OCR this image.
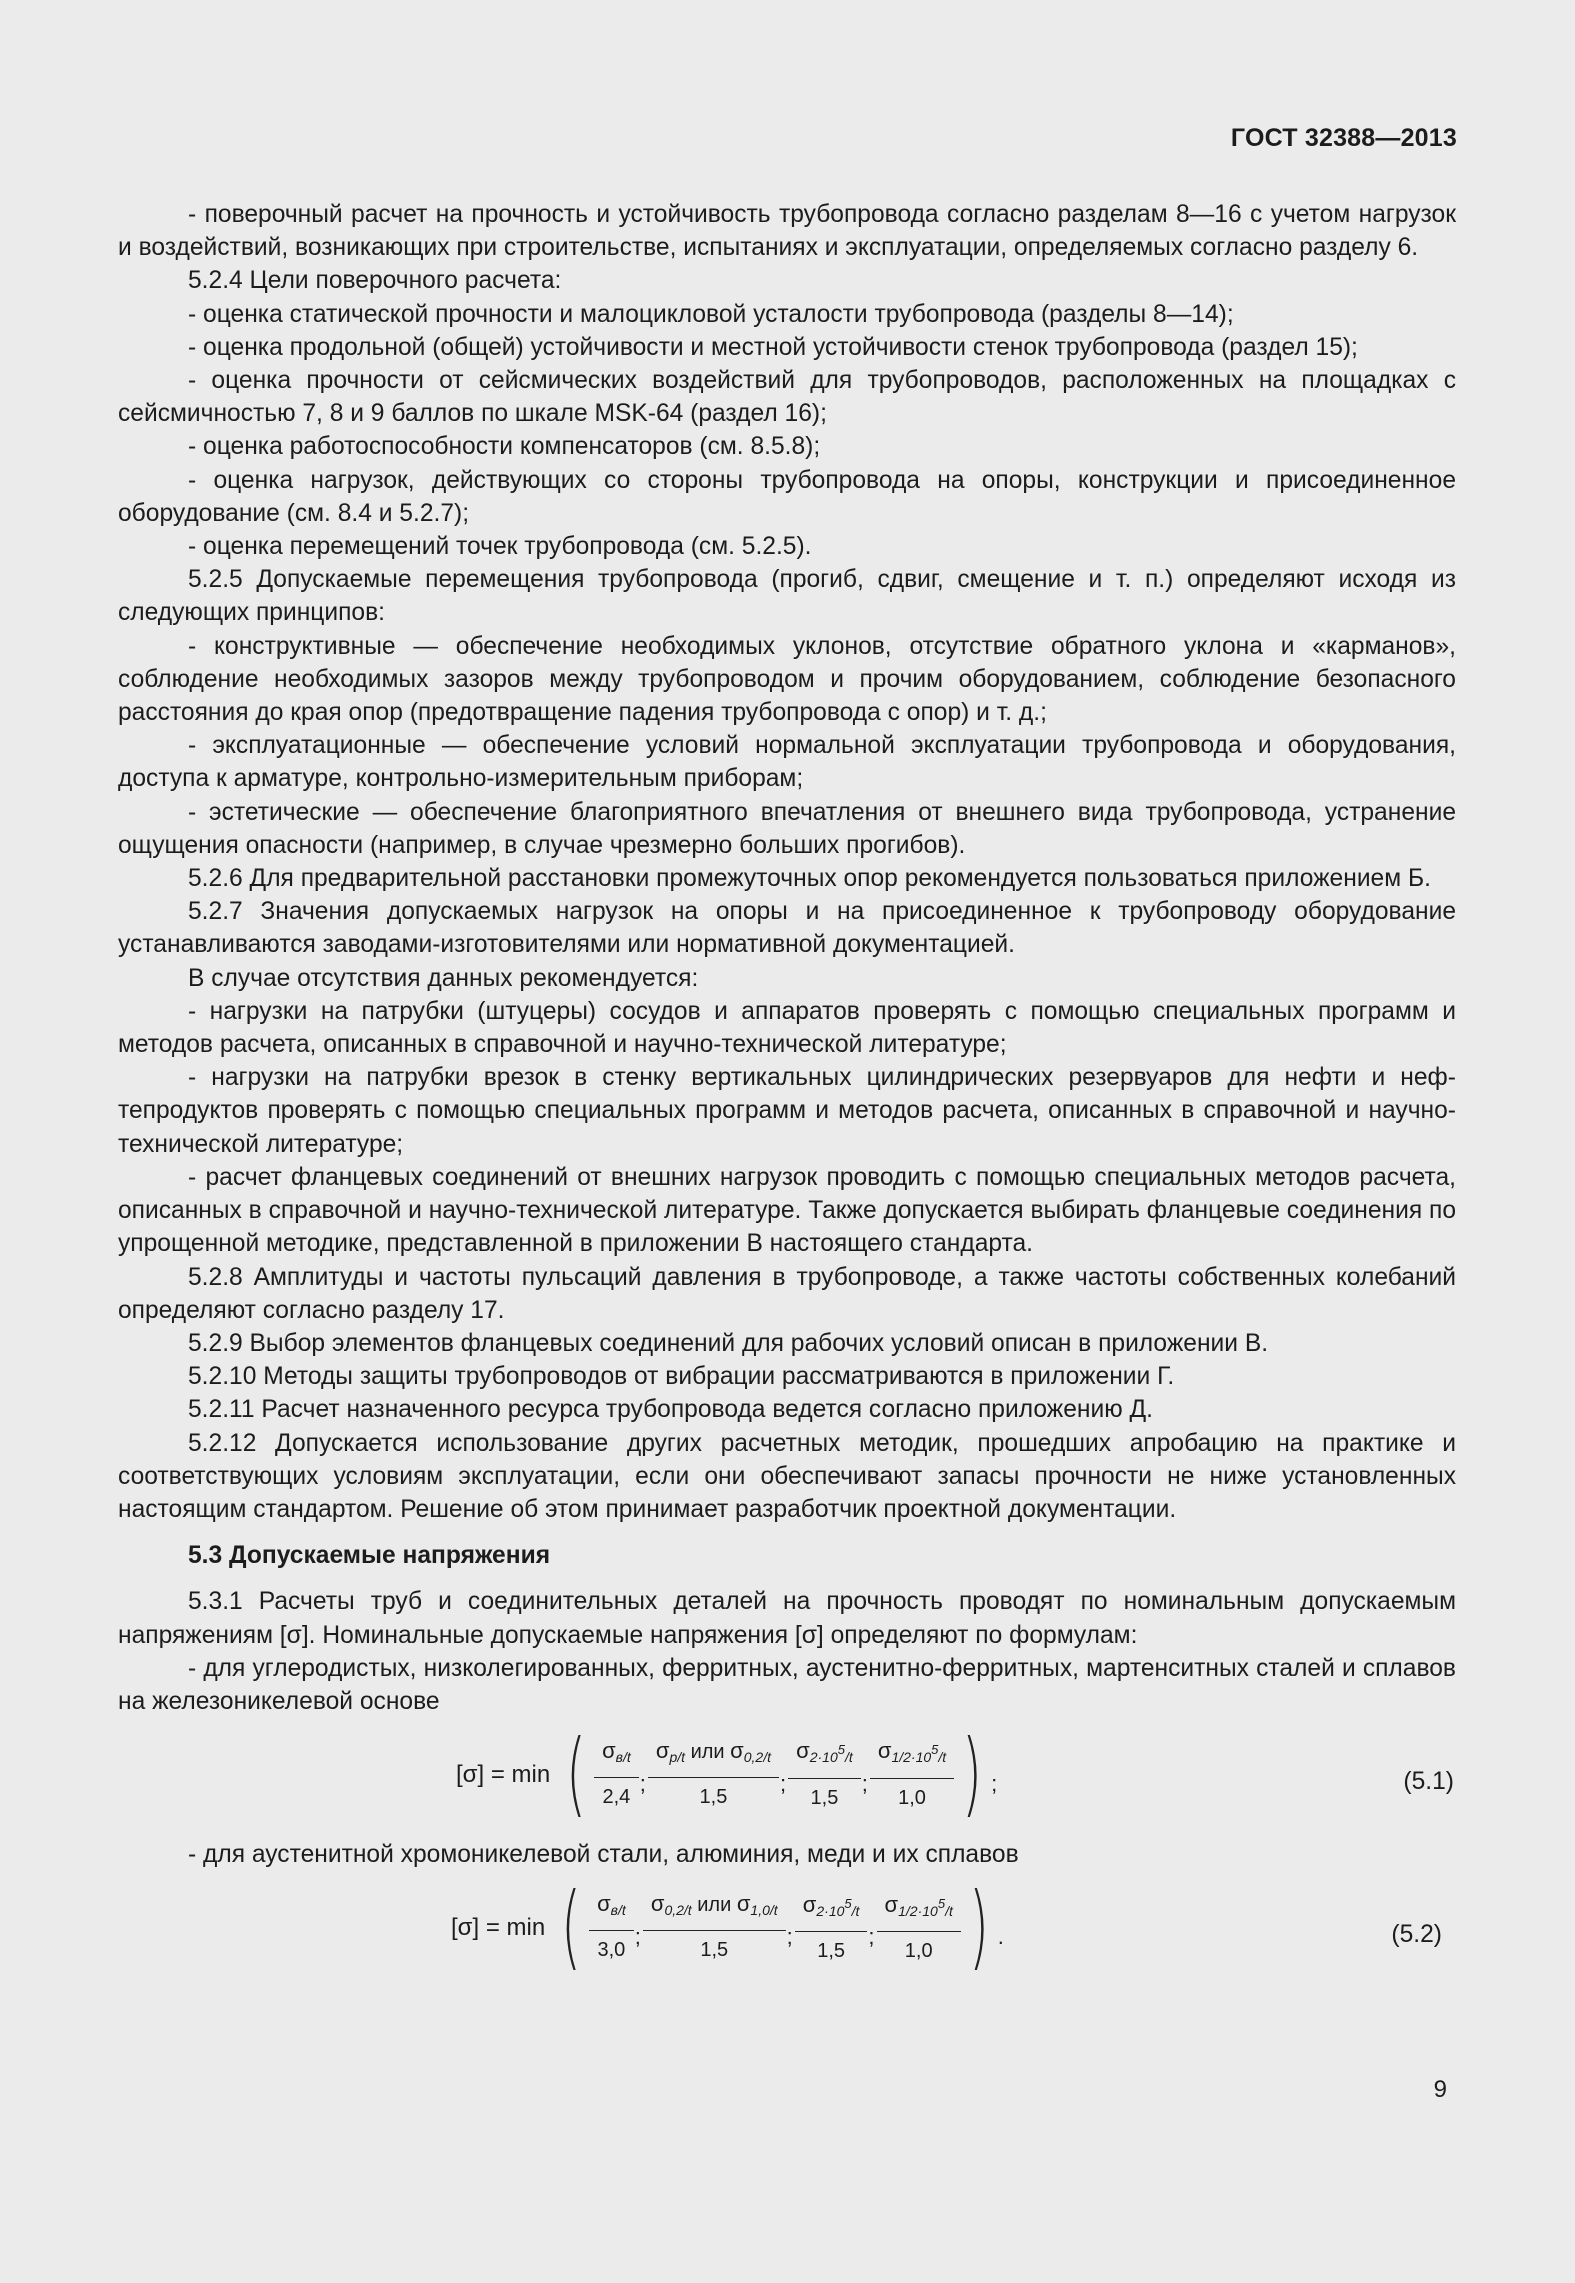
ГОСТ 32388—2013

- поверочный расчет на прочность и устойчивость трубопровода согласно разделам 8—16 с учетом нагрузок и воздействий, возникающих при строительстве, испытаниях и эксплуатации, определяемых согласно разделу 6.

5.2.4 Цели поверочного расчета:

- оценка статической прочности и малоцикловой усталости трубопровода (разделы 8—14);

- оценка продольной (общей) устойчивости и местной устойчивости стенок трубопровода (раздел 15);

- оценка прочности от сейсмических воздействий для трубопроводов, расположенных на площадках с сейсмичностью 7, 8 и 9 баллов по шкале MSK-64 (раздел 16);

- оценка работоспособности компенсаторов (см. 8.5.8);

- оценка нагрузок, действующих со стороны трубопровода на опоры, конструкции и присоединенное оборудование (см. 8.4 и 5.2.7);

- оценка перемещений точек трубопровода (см. 5.2.5).

5.2.5 Допускаемые перемещения трубопровода (прогиб, сдвиг, смещение и т. п.) определяют исходя из следующих принципов:

- конструктивные — обеспечение необходимых уклонов, отсутствие обратного уклона и «карманов», соблюдение необходимых зазоров между трубопроводом и прочим оборудованием, соблюдение безопасного расстояния до края опор (предотвращение падения трубопровода с опор) и т. д.;

- эксплуатационные — обеспечение условий нормальной эксплуатации трубопровода и оборудования, доступа к арматуре, контрольно-измерительным приборам;

- эстетические — обеспечение благоприятного впечатления от внешнего вида трубопровода, устранение ощущения опасности (например, в случае чрезмерно больших прогибов).

5.2.6 Для предварительной расстановки промежуточных опор рекомендуется пользоваться приложением Б.

5.2.7 Значения допускаемых нагрузок на опоры и на присоединенное к трубопроводу оборудование устанавливаются заводами-изготовителями или нормативной документацией.

В случае отсутствия данных рекомендуется:

- нагрузки на патрубки (штуцеры) сосудов и аппаратов проверять с помощью специальных программ и методов расчета, описанных в справочной и научно-технической литературе;

- нагрузки на патрубки врезок в стенку вертикальных цилиндрических резервуаров для нефти и нефтепродуктов проверять с помощью специальных программ и методов расчета, описанных в справочной и научно-технической литературе;

- расчет фланцевых соединений от внешних нагрузок проводить с помощью специальных методов расчета, описанных в справочной и научно-технической литературе. Также допускается выбирать фланцевые соединения по упрощенной методике, представленной в приложении В настоящего стандарта.

5.2.8 Амплитуды и частоты пульсаций давления в трубопроводе, а также частоты собственных колебаний определяют согласно разделу 17.

5.2.9 Выбор элементов фланцевых соединений для рабочих условий описан в приложении В.

5.2.10 Методы защиты трубопроводов от вибрации рассматриваются в приложении Г.

5.2.11 Расчет назначенного ресурса трубопровода ведется согласно приложению Д.

5.2.12 Допускается использование других расчетных методик, прошедших апробацию на практике и соответствующих условиям эксплуатации, если они обеспечивают запасы прочности не ниже установленных настоящим стандартом. Решение об этом принимает разработчик проектной документации.

5.3 Допускаемые напряжения

5.3.1 Расчеты труб и соединительных деталей на прочность проводят по номинальным допускаемым напряжениям [σ]. Номинальные допускаемые напряжения [σ] определяют по формулам:

- для углеродистых, низколегированных, ферритных, аустенитно-ферритных, мартенситных сталей и сплавов на железоникелевой основе

[σ] = min ( $\frac{\sigma_{в/t}}{2,4}$ ; $\frac{\sigma_{p/t} или \sigma_{0,2/t}}{1,5}$ ; $\frac{\sigma_{2\cdot 10^5/t}}{1,5}$ ; $\frac{\sigma_{1/2\cdot 10^5/t}}{1,0}$ ) ;	(5.1)

- для аустенитной хромоникелевой стали, алюминия, меди и их сплавов

[σ] = min ( $\frac{\sigma_{в/t}}{3,0}$ ; $\frac{\sigma_{0,2/t} или \sigma_{1,0/t}}{1,5}$ ; $\frac{\sigma_{2\cdot 10^5/t}}{1,5}$ ; $\frac{\sigma_{1/2\cdot 10^5/t}}{1,0}$ ) .	(5.2)
9
